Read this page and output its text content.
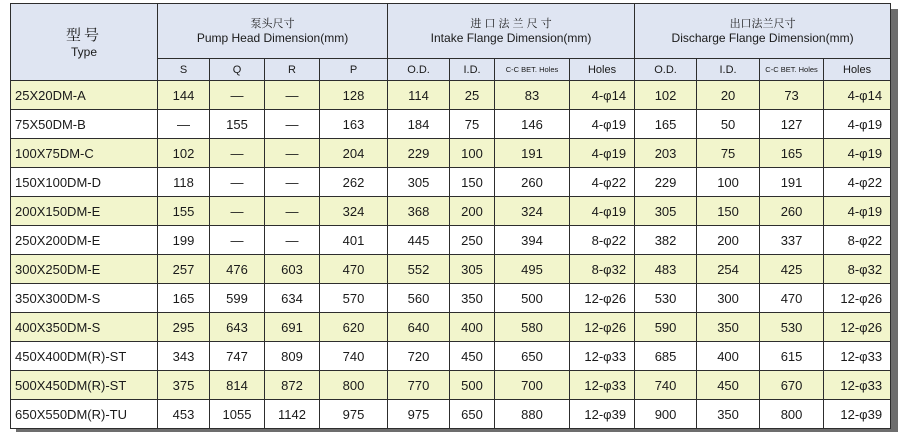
型号
Type	泵头尺寸
Pump Head Dimension(mm)				进 口 法 兰 尺 寸
Intake Flange Dimension(mm)				出口法兰尺寸
Discharge Flange Dimension(mm)			

	S	Q	R	P	O.D.	I.D.	C-C BET. Holes	Holes	O.D.	I.D.	C-C BET. Holes	Holes
25X20DM-A	144	—	—	128	114	25	83	4-φ14	102	20	73	4-φ14
75X50DM-B	—	155	—	163	184	75	146	4-φ19	165	50	127	4-φ19
100X75DM-C	102	—	—	204	229	100	191	4-φ19	203	75	165	4-φ19
150X100DM-D	118	—	—	262	305	150	260	4-φ22	229	100	191	4-φ22
200X150DM-E	155	—	—	324	368	200	324	4-φ19	305	150	260	4-φ19
250X200DM-E	199	—	—	401	445	250	394	8-φ22	382	200	337	8-φ22
300X250DM-E	257	476	603	470	552	305	495	8-φ32	483	254	425	8-φ32
350X300DM-S	165	599	634	570	560	350	500	12-φ26	530	300	470	12-φ26
400X350DM-S	295	643	691	620	640	400	580	12-φ26	590	350	530	12-φ26
450X400DM(R)-ST	343	747	809	740	720	450	650	12-φ33	685	400	615	12-φ33
500X450DM(R)-ST	375	814	872	800	770	500	700	12-φ33	740	450	670	12-φ33
650X550DM(R)-TU	453	1055	1142	975	975	650	880	12-φ39	900	350	800	12-φ39
